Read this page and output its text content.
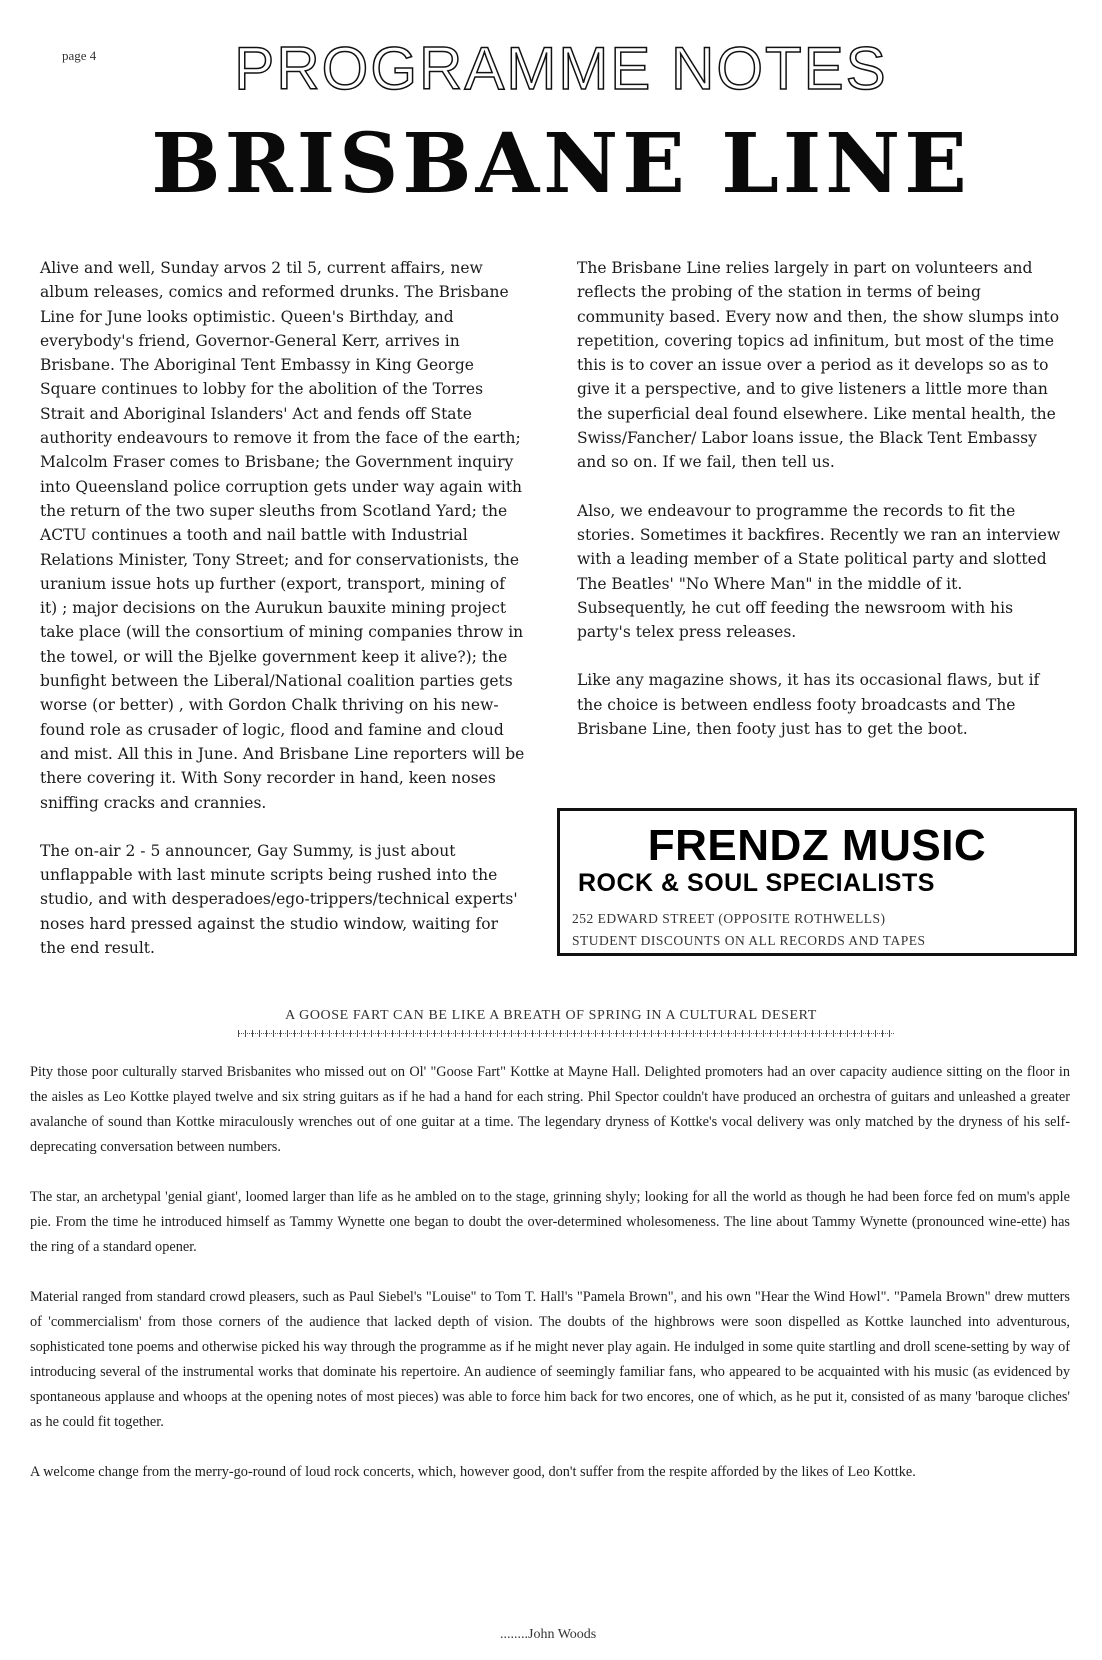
page 4	PROGRAMME NOTES
BRISBANE LINE

Alive and well, Sunday arvos 2 til 5, current affairs, new album releases, comics and reformed drunks. The Brisbane Line for June looks optimistic. Queen's Birthday, and everybody's friend, Governor-General Kerr, arrives in Brisbane. The Aboriginal Tent Embassy in King George Square continues to lobby for the abolition of the Torres Strait and Aboriginal Islanders' Act and fends off State authority endeavours to remove it from the face of the earth; Malcolm Fraser comes to Brisbane; the Government inquiry into Queensland police corruption gets under way again with the return of the two super sleuths from Scotland Yard; the ACTU continues a tooth and nail battle with Industrial Relations Minister, Tony Street; and for conservationists, the uranium issue hots up further (export, transport, mining of it) ; major decisions on the Aurukun bauxite mining project take place (will the consortium of mining companies throw in the towel, or will the Bjelke government keep it alive?); the bunfight between the Liberal/National coalition parties gets worse (or better) , with Gordon Chalk thriving on his new-found role as crusader of logic, flood and famine and cloud and mist. All this in June. And Brisbane Line reporters will be there covering it. With Sony recorder in hand, keen noses sniffing cracks and crannies.

The on-air 2 - 5 announcer, Gay Summy, is just about unflappable with last minute scripts being rushed into the studio, and with desperadoes/ego-trippers/technical experts' noses hard pressed against the studio window, waiting for the end result.

The Brisbane Line relies largely in part on volunteers and reflects the probing of the station in terms of being community based. Every now and then, the show slumps into repetition, covering topics ad infinitum, but most of the time this is to cover an issue over a period as it develops so as to give it a perspective, and to give listeners a little more than the superficial deal found elsewhere. Like mental health, the Swiss/Fancher/ Labor loans issue, the Black Tent Embassy and so on. If we fail, then tell us.

Also, we endeavour to programme the records to fit the stories. Sometimes it backfires. Recently we ran an interview with a leading member of a State political party and slotted The Beatles' "No Where Man" in the middle of it. Subsequently, he cut off feeding the newsroom with his party's telex press releases.

Like any magazine shows, it has its occasional flaws, but if the choice is between endless footy broadcasts and The Brisbane Line, then footy just has to get the boot.

FRENDZ MUSIC
ROCK & SOUL SPECIALISTS
252 EDWARD STREET (OPPOSITE ROTHWELLS)
STUDENT DISCOUNTS ON ALL RECORDS AND TAPES
A GOOSE FART CAN BE LIKE A BREATH OF SPRING IN A CULTURAL DESERT

Pity those poor culturally starved Brisbanites who missed out on Ol' "Goose Fart" Kottke at Mayne Hall. Delighted promoters had an over capacity audience sitting on the floor in the aisles as Leo Kottke played twelve and six string guitars as if he had a hand for each string. Phil Spector couldn't have produced an orchestra of guitars and unleashed a greater avalanche of sound than Kottke miraculously wrenches out of one guitar at a time. The legendary dryness of Kottke's vocal delivery was only matched by the dryness of his self-deprecating conversation between numbers.

The star, an archetypal 'genial giant', loomed larger than life as he ambled on to the stage, grinning shyly; looking for all the world as though he had been force fed on mum's apple pie. From the time he introduced himself as Tammy Wynette one began to doubt the over-determined wholesomeness. The line about Tammy Wynette (pronounced wine-ette) has the ring of a standard opener.

Material ranged from standard crowd pleasers, such as Paul Siebel's "Louise" to Tom T. Hall's "Pamela Brown", and his own "Hear the Wind Howl". "Pamela Brown" drew mutters of 'commercialism' from those corners of the audience that lacked depth of vision. The doubts of the highbrows were soon dispelled as Kottke launched into adventurous, sophisticated tone poems and otherwise picked his way through the programme as if he might never play again. He indulged in some quite startling and droll scene-setting by way of introducing several of the instrumental works that dominate his repertoire. An audience of seemingly familiar fans, who appeared to be acquainted with his music (as evidenced by spontaneous applause and whoops at the opening notes of most pieces) was able to force him back for two encores, one of which, as he put it, consisted of as many 'baroque cliches' as he could fit together.

A welcome change from the merry-go-round of loud rock concerts, which, however good, don't suffer from the respite afforded by the likes of Leo Kottke.

........John Woods
